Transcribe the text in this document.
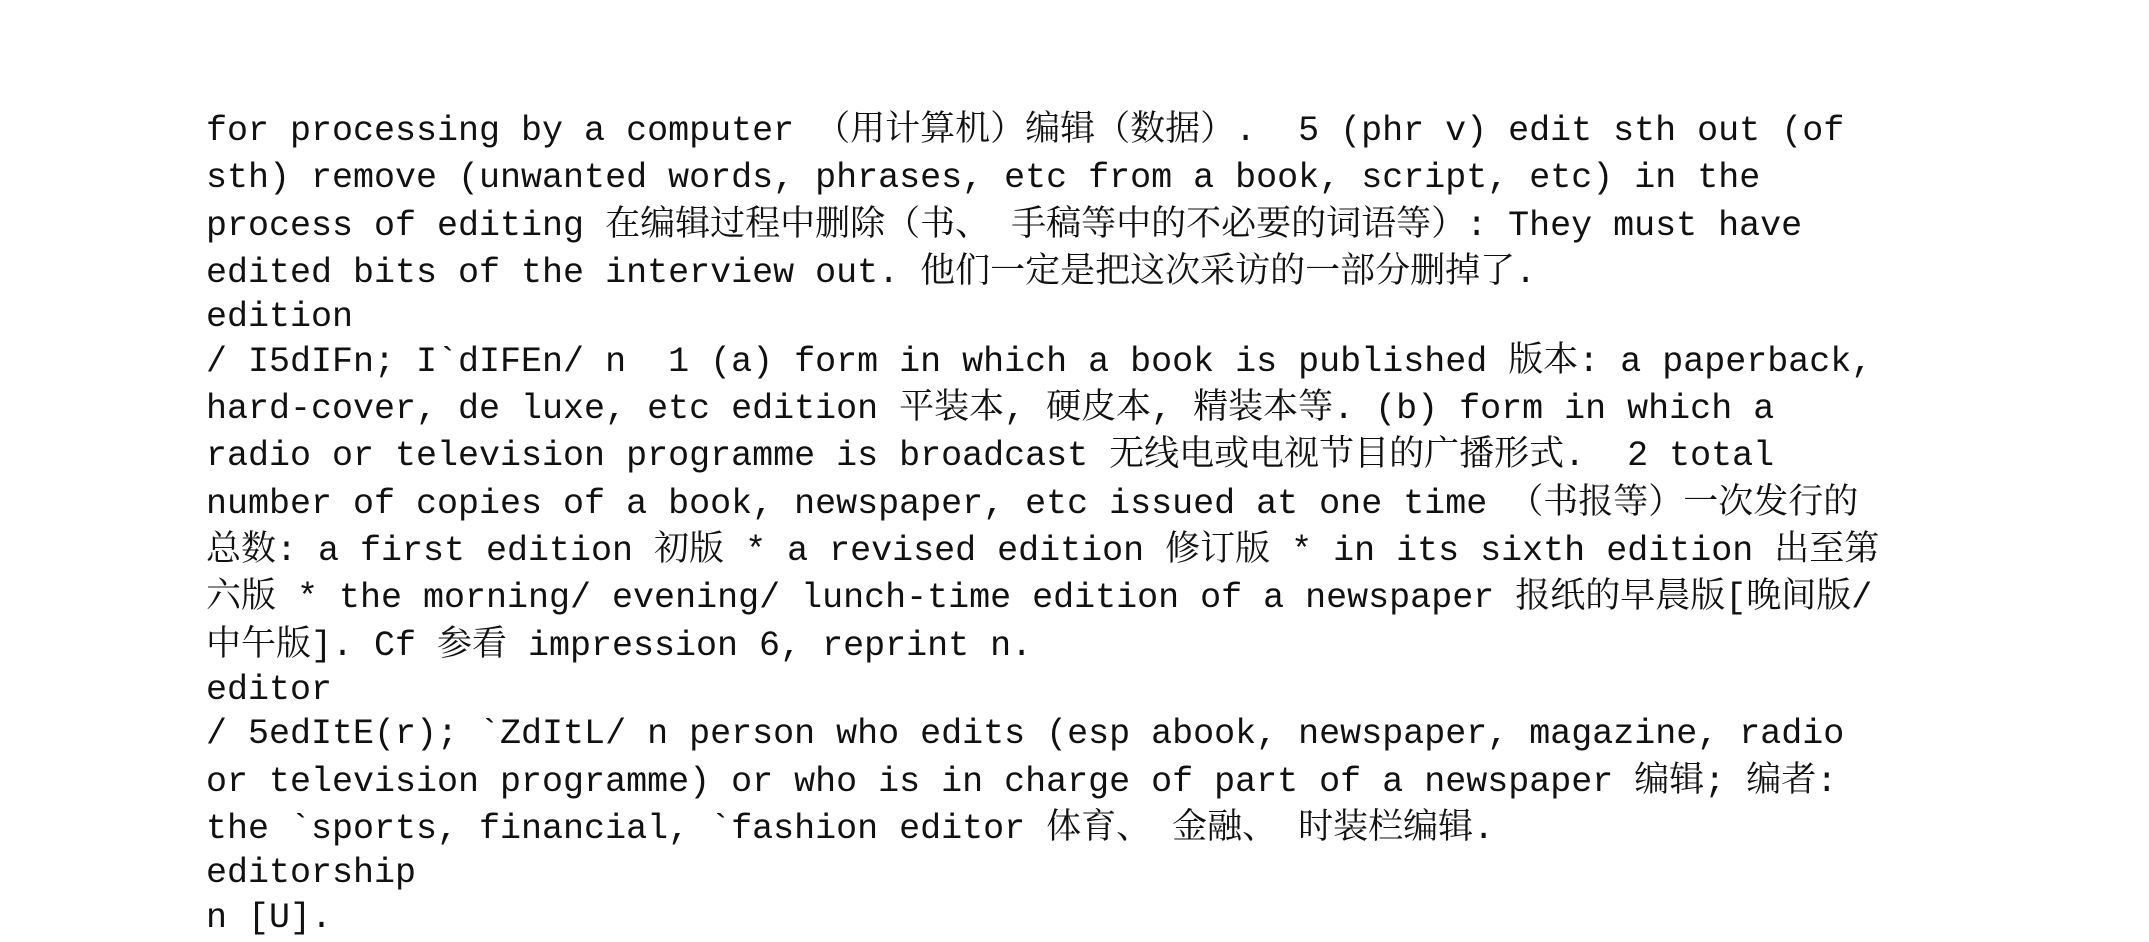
for processing by a computer （用计算机）编辑（数据）.  5 (phr v) edit sth out (of
sth) remove (unwanted words, phrases, etc from a book, script, etc) in the
process of editing 在编辑过程中删除（书、 手稿等中的不必要的词语等）: They must have
edited bits of the interview out. 他们一定是把这次采访的一部分删掉了.
edition
/ I5dIFn; I`dIFEn/ n  1 (a) form in which a book is published 版本: a paperback,
hard-cover, de luxe, etc edition 平装本, 硬皮本, 精装本等. (b) form in which a
radio or television programme is broadcast 无线电或电视节目的广播形式.  2 total
number of copies of a book, newspaper, etc issued at one time （书报等）一次发行的
总数: a first edition 初版 * a revised edition 修订版 * in its sixth edition 出至第
六版 * the morning/ evening/ lunch-time edition of a newspaper 报纸的早晨版[晚间版/
中午版]. Cf 参看 impression 6, reprint n.
editor
/ 5edItE(r); `ZdItL/ n person who edits (esp abook, newspaper, magazine, radio
or television programme) or who is in charge of part of a newspaper 编辑; 编者:
the `sports, financial, `fashion editor 体育、 金融、 时装栏编辑.
editorship
n [U].
